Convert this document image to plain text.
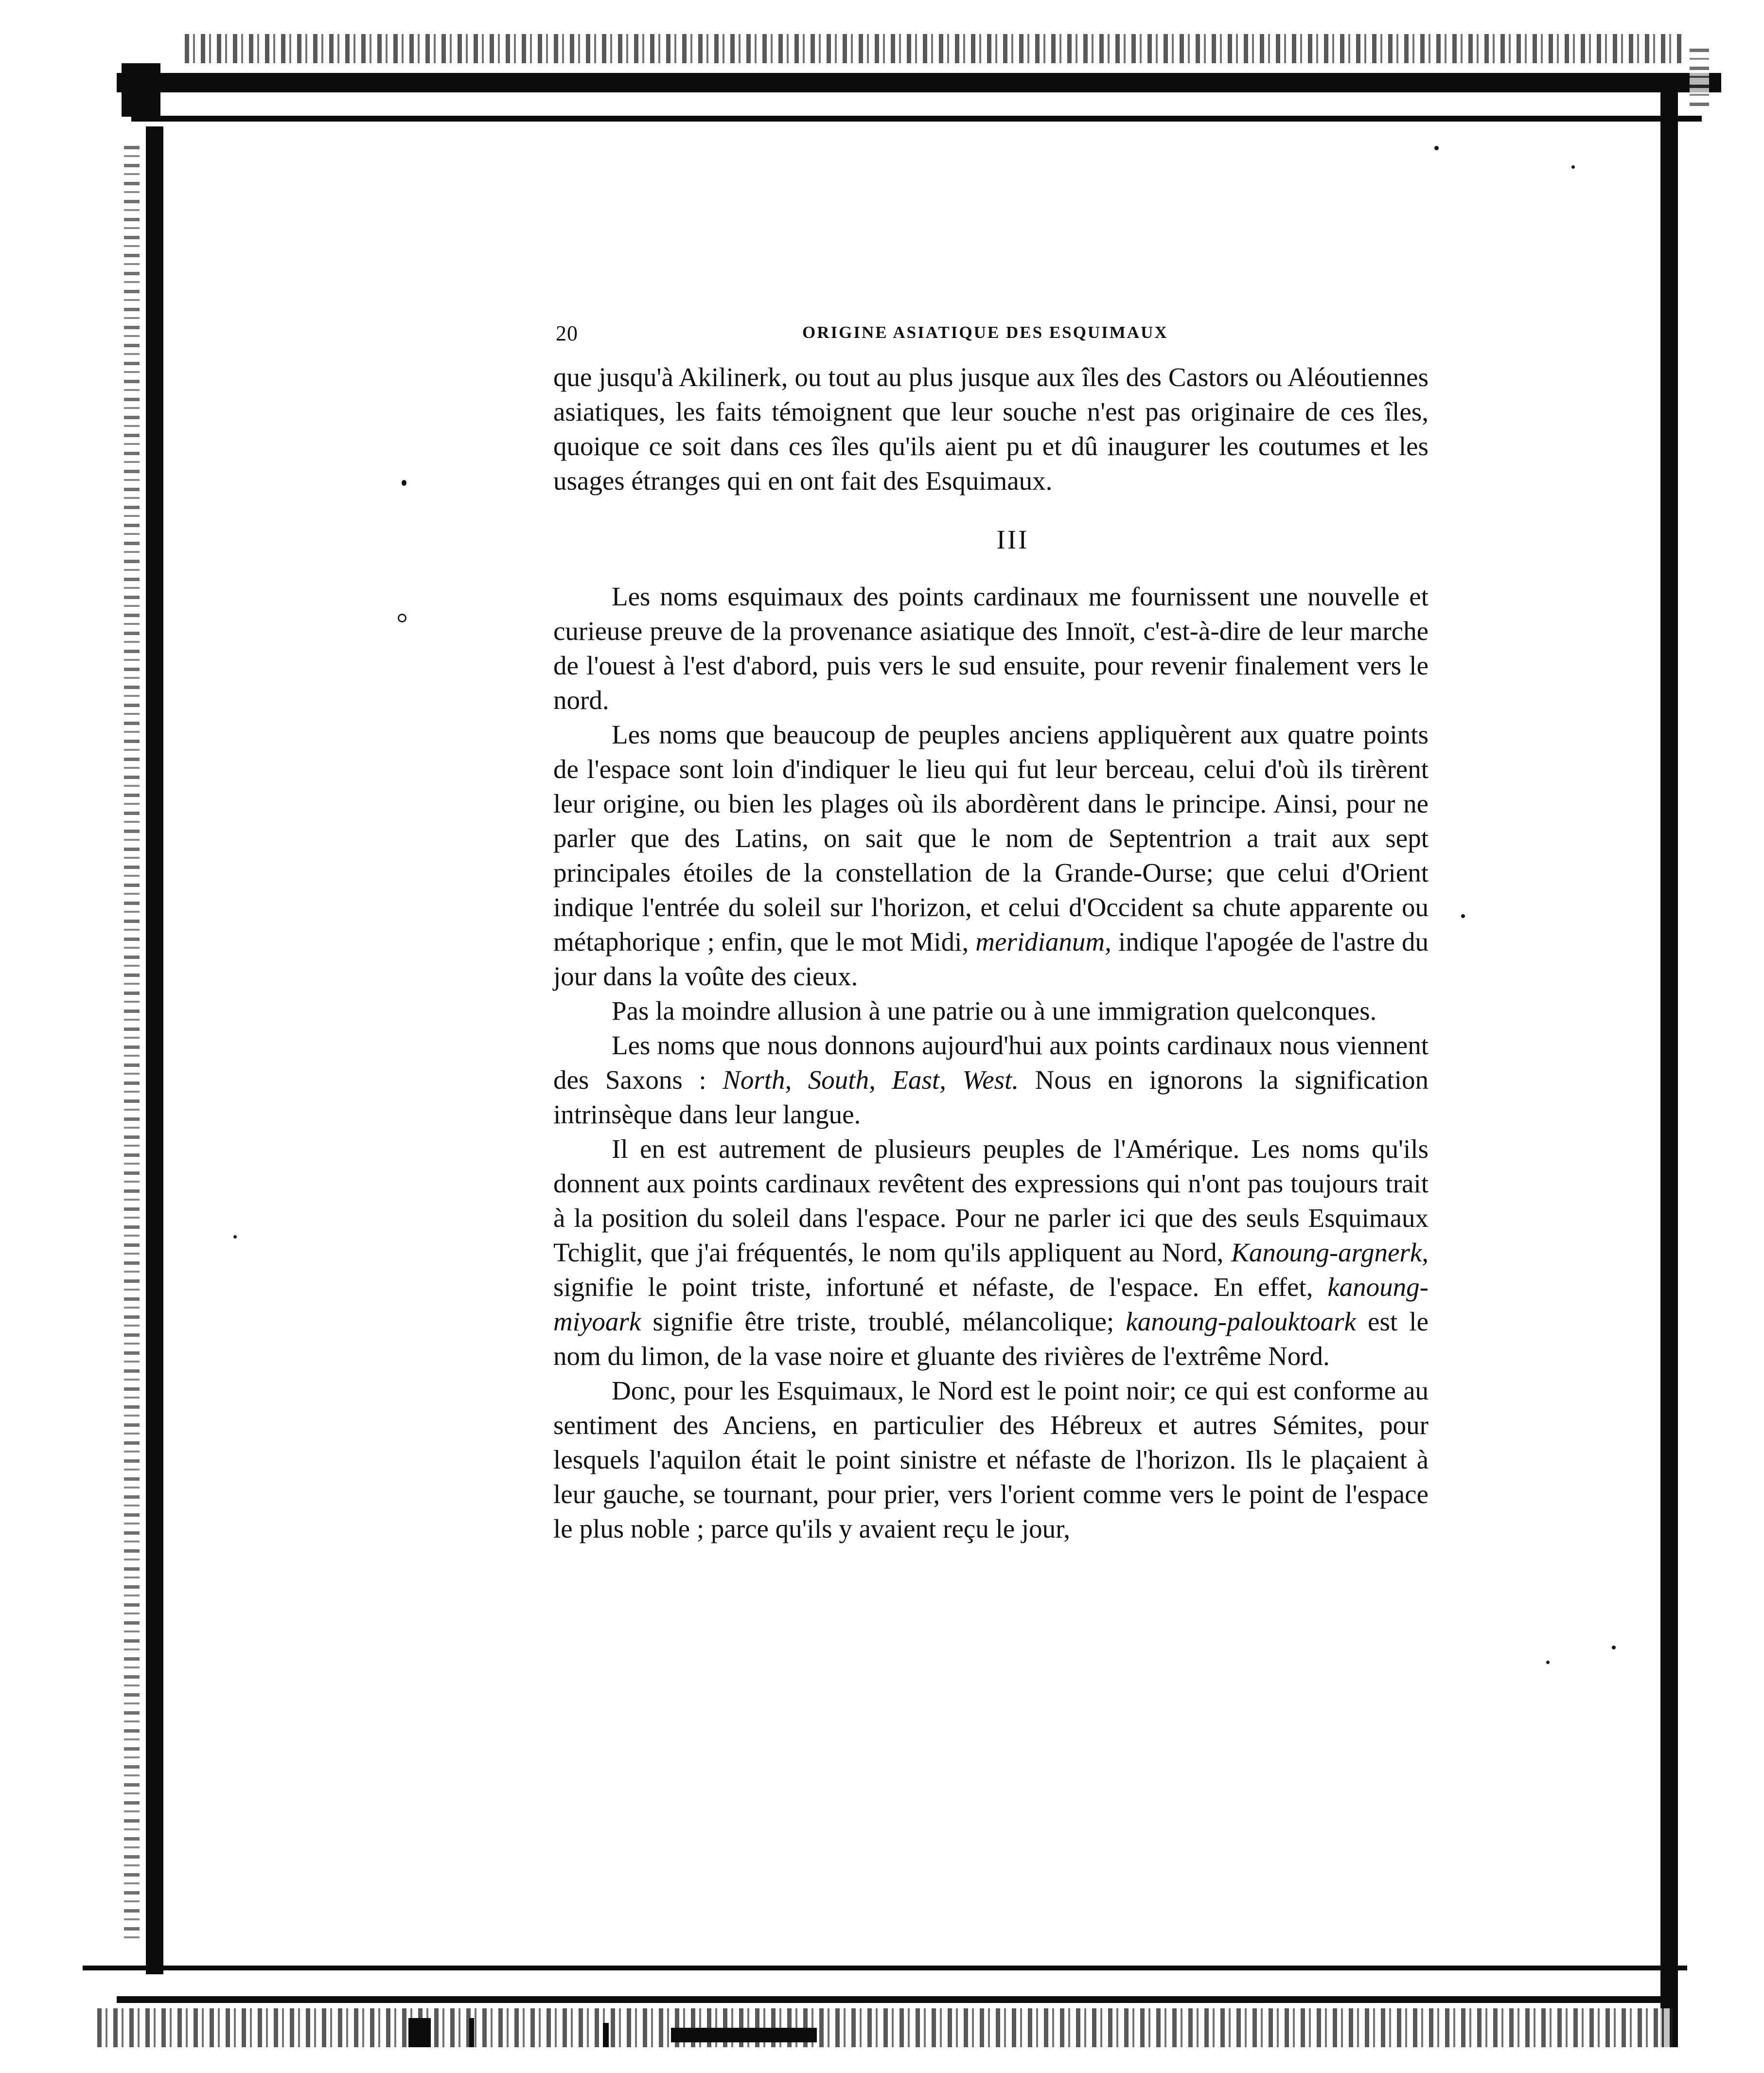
20	ORIGINE ASIATIQUE DES ESQUIMAUX

que jusqu'à Akilinerk, ou tout au plus jusque aux îles des Castors ou Aléoutiennes asiatiques, les faits témoignent que leur souche n'est pas originaire de ces îles, quoique ce soit dans ces îles qu'ils aient pu et dû inaugurer les coutumes et les usages étranges qui en ont fait des Esquimaux.

III

Les noms esquimaux des points cardinaux me fournissent une nouvelle et curieuse preuve de la provenance asiatique des Innoït, c'est-à-dire de leur marche de l'ouest à l'est d'abord, puis vers le sud ensuite, pour revenir finalement vers le nord.

Les noms que beaucoup de peuples anciens appliquèrent aux quatre points de l'espace sont loin d'indiquer le lieu qui fut leur berceau, celui d'où ils tirèrent leur origine, ou bien les plages où ils abordèrent dans le principe. Ainsi, pour ne parler que des Latins, on sait que le nom de Septentrion a trait aux sept principales étoiles de la constellation de la Grande-Ourse; que celui d'Orient indique l'entrée du soleil sur l'horizon, et celui d'Occident sa chute apparente ou métaphorique ; enfin, que le mot Midi, meridianum, indique l'apogée de l'astre du jour dans la voûte des cieux.

Pas la moindre allusion à une patrie ou à une immigration quelconques.

Les noms que nous donnons aujourd'hui aux points cardinaux nous viennent des Saxons : North, South, East, West. Nous en ignorons la signification intrinsèque dans leur langue.

Il en est autrement de plusieurs peuples de l'Amérique. Les noms qu'ils donnent aux points cardinaux revêtent des expressions qui n'ont pas toujours trait à la position du soleil dans l'espace. Pour ne parler ici que des seuls Esquimaux Tchiglit, que j'ai fréquentés, le nom qu'ils appliquent au Nord, Kanoung-argnerk, signifie le point triste, infortuné et néfaste, de l'espace. En effet, kanoung-miyoark signifie être triste, troublé, mélancolique; kanoung-palouktoark est le nom du limon, de la vase noire et gluante des rivières de l'extrême Nord.

Donc, pour les Esquimaux, le Nord est le point noir; ce qui est conforme au sentiment des Anciens, en particulier des Hébreux et autres Sémites, pour lesquels l'aquilon était le point sinistre et néfaste de l'horizon. Ils le plaçaient à leur gauche, se tournant, pour prier, vers l'orient comme vers le point de l'espace le plus noble ; parce qu'ils y avaient reçu le jour,
